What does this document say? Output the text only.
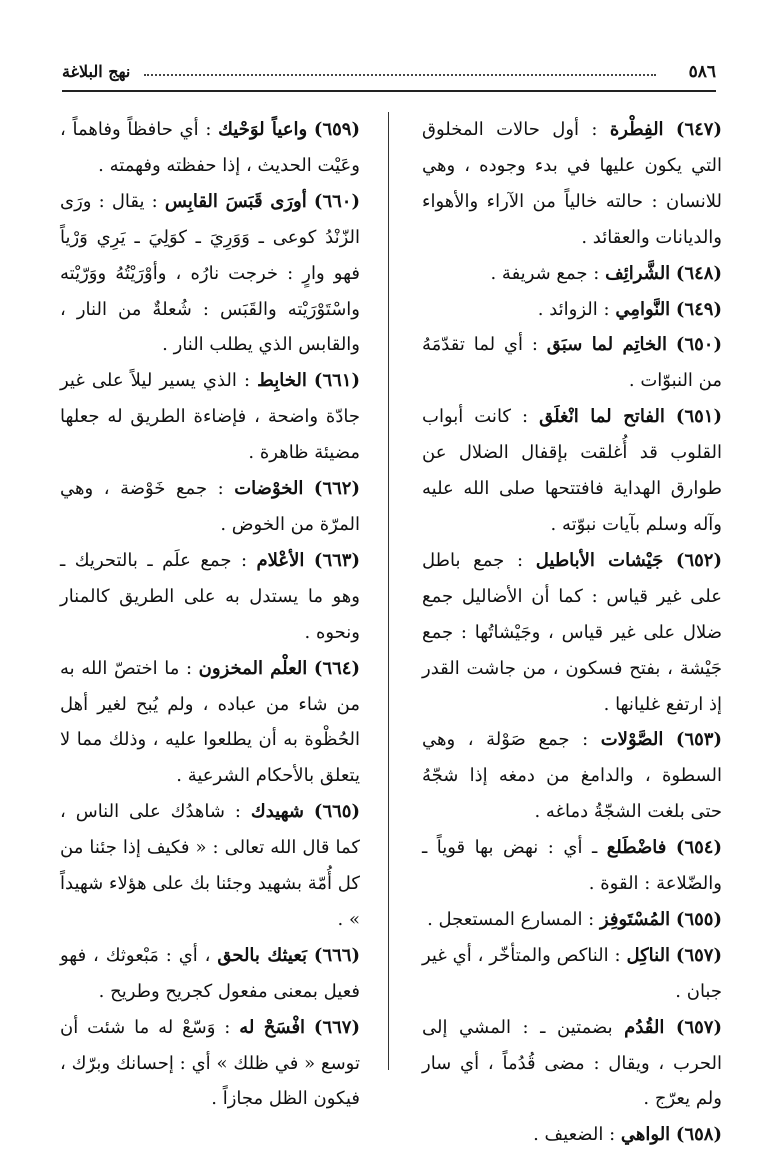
٥٨٦
نهج البلاغة

(٦٤٧) الفِطْرة : أول حالات المخلوق التي يكون عليها في بدء وجوده ، وهي للانسان : حالته خالياً من الآراء والأهواء والديانات والعقائد .

(٦٤٨) الشَّرائِف : جمع شريفة .

(٦٤٩) النَّوامِي : الزوائد .

(٦٥٠) الخاتِم لما سبَق : أي لما تقدّمَهُ من النبوّات .

(٦٥١) الفاتح لما انْغلَق : كانت أبواب القلوب قد أُغلقت بإقفال الضلال عن طوارق الهداية فافتتحها صلى الله عليه وآله وسلم بآيات نبوّته .

(٦٥٢) جَيْشات الأباطيل : جمع باطل على غير قياس : كما أن الأضاليل جمع ضلال على غير قياس ، وجَيْشاتُها : جمع جَيْشة ، بفتح فسكون ، من جاشت القدر إذ ارتفع غليانها .

(٦٥٣) الصَّوْلات : جمع صَوْلة ، وهي السطوة ، والدامغ من دمغه إذا شجّهُ حتى بلغت الشجّةُ دماغه .

(٦٥٤) فاضْطَلع ـ أي : نهض بها قوياً ـ والضّلاعة : القوة .

(٦٥٥) المُسْتَوفِز : المسارع المستعجل .

(٦٥٧) الناكِل : الناكص والمتأخّر ، أي غير جبان .

(٦٥٧) القُدُم بضمتين ـ : المشي إلى الحرب ، ويقال : مضى قُدُماً ، أي سار ولم يعرّج .

(٦٥٨) الواهي : الضعيف .

(٦٥٩) واعياً لوَحْيك : أي حافظاً وفاهماً ، وعَيْت الحديث ، إذا حفظته وفهمته .

(٦٦٠) أورَى قَبَسَ القابِس : يقال : ورَى الزّنْدُ كوعى ـ وَوَرِيَ ـ كوَلِيَ ـ يَرِي وَرْياً فهو وارٍ : خرجت نارُه ، وأوْرَيْتُهُ ووَرّيْته واسْتَوْرَيْته والقَبَس : شُعلةٌ من النار ، والقابس الذي يطلب النار .

(٦٦١) الخابِط : الذي يسير ليلاً على غير جادّة واضحة ، فإضاءة الطريق له جعلها مضيئة ظاهرة .

(٦٦٢) الخوْضات : جمع خَوْضة ، وهي المرّة من الخوض .

(٦٦٣) الأعْلام : جمع علَم ـ بالتحريك ـ وهو ما يستدل به على الطريق كالمنار ونحوه .

(٦٦٤) العلْم المخزون : ما اختصّ الله به من شاء من عباده ، ولم يُبح لغير أهل الحُظْوة به أن يطلعوا عليه ، وذلك مما لا يتعلق بالأحكام الشرعية .

(٦٦٥) شهيدك : شاهدُك على الناس ، كما قال الله تعالى : « فكيف إذا جئنا من كل أُمّة بشهيد وجئنا بك على هؤلاء شهيداً » .

(٦٦٦) بَعيثك بالحق ، أي : مَبْعوثك ، فهو فعيل بمعنى مفعول كجريح وطريح .

(٦٦٧) افْسَحْ له : وَسّعْ له ما شئت أن توسع « في ظلك » أي : إحسانك وبرّك ، فيكون الظل مجازاً .
